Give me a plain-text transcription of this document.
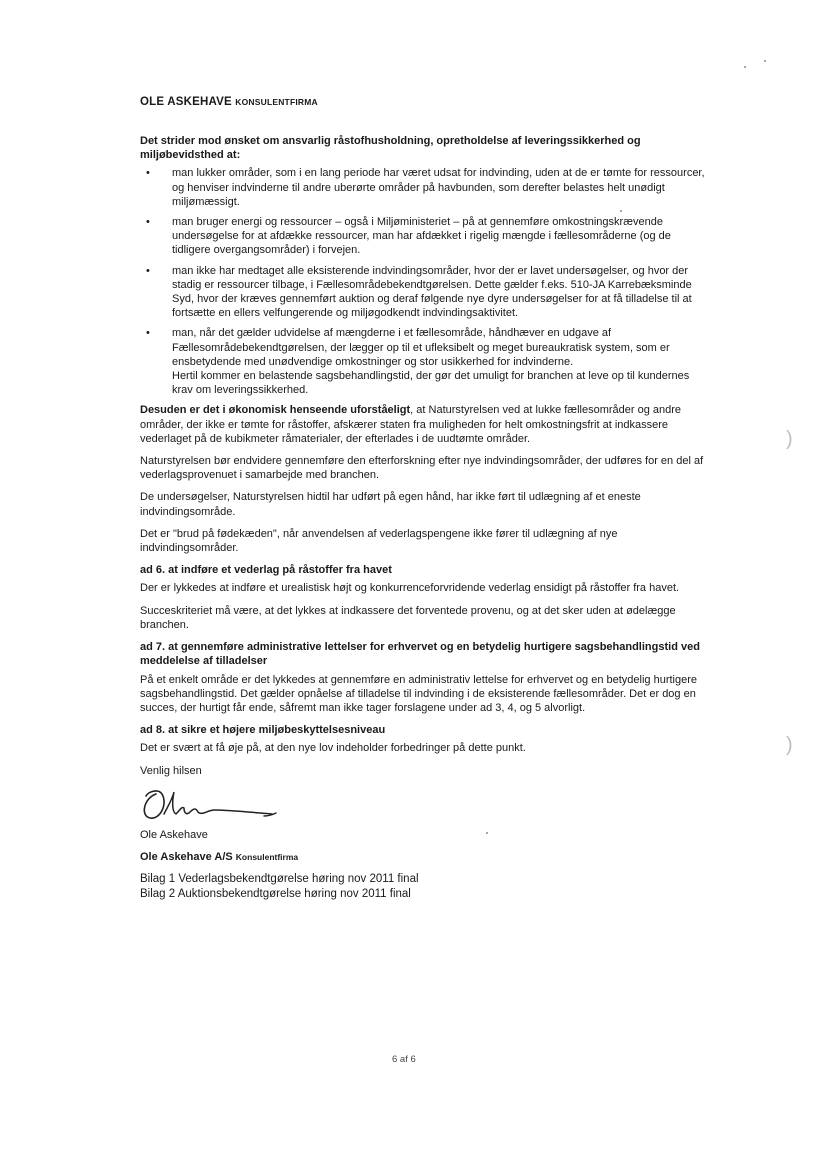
OLE ASKEHAVE KONSULENTFIRMA

Det strider mod ønsket om ansvarlig råstofhusholdning, opretholdelse af leveringssikkerhed og miljøbevidsthed at:

• man lukker områder, som i en lang periode har været udsat for indvinding, uden at de er tømte for ressourcer, og henviser indvinderne til andre uberørte områder på havbunden, som derefter belastes helt unødigt miljømæssigt.
• man bruger energi og ressourcer – også i Miljøministeriet – på at gennemføre omkostningskrævende undersøgelse for at afdække ressourcer, man har afdækket i rigelig mængde i fællesområderne (og de tidligere overgangsområder) i forvejen.
• man ikke har medtaget alle eksisterende indvindingsområder, hvor der er lavet undersøgelser, og hvor der stadig er ressourcer tilbage, i Fællesområdebekendtgørelsen. Dette gælder f.eks. 510-JA Karrebæksminde Syd, hvor der kræves gennemført auktion og deraf følgende nye dyre undersøgelser for at få tilladelse til at fortsætte en ellers velfungerende og miljøgodkendt indvindingsaktivitet.
• man, når det gælder udvidelse af mængderne i et fællesområde, håndhæver en udgave af Fællesområdebekendtgørelsen, der lægger op til et ufleksibelt og meget bureaukratisk system, som er ensbetydende med unødvendige omkostninger og stor usikkerhed for indvinderne.
Hertil kommer en belastende sagsbehandlingstid, der gør det umuligt for branchen at leve op til kundernes krav om leveringssikkerhed.

Desuden er det i økonomisk henseende uforståeligt, at Naturstyrelsen ved at lukke fællesområder og andre områder, der ikke er tømte for råstoffer, afskærer staten fra muligheden for helt omkostningsfrit at indkassere vederlaget på de kubikmeter råmaterialer, der efterlades i de uudtømte områder.

Naturstyrelsen bør endvidere gennemføre den efterforskning efter nye indvindingsområder, der udføres for en del af vederlagsprovenuet i samarbejde med branchen.

De undersøgelser, Naturstyrelsen hidtil har udført på egen hånd, har ikke ført til udlægning af et eneste indvindingsområde.

Det er "brud på fødekæden", når anvendelsen af vederlagspengene ikke fører til udlægning af nye indvindingsområder.

ad 6. at indføre et vederlag på råstoffer fra havet

Der er lykkedes at indføre et urealistisk højt og konkurrenceforvridende vederlag ensidigt på råstoffer fra havet.

Succeskriteriet må være, at det lykkes at indkassere det forventede provenu, og at det sker uden at ødelægge branchen.

ad 7. at gennemføre administrative lettelser for erhvervet og en betydelig hurtigere sagsbehandlingstid ved meddelelse af tilladelser

På et enkelt område er det lykkedes at gennemføre en administrativ lettelse for erhvervet og en betydelig hurtigere sagsbehandlingstid. Det gælder opnåelse af tilladelse til indvinding i de eksisterende fællesområder. Det er dog en succes, der hurtigt får ende, såfremt man ikke tager forslagene under ad 3, 4, og 5 alvorligt.

ad 8. at sikre et højere miljøbeskyttelsesniveau

Det er svært at få øje på, at den nye lov indeholder forbedringer på dette punkt.

Venlig hilsen

Ole Askehave

Ole Askehave A/S Konsulentfirma

Bilag 1 Vederlagsbekendtgørelse høring nov 2011 final

Bilag 2 Auktionsbekendtgørelse høring nov 2011 final

6 af 6
)
)
